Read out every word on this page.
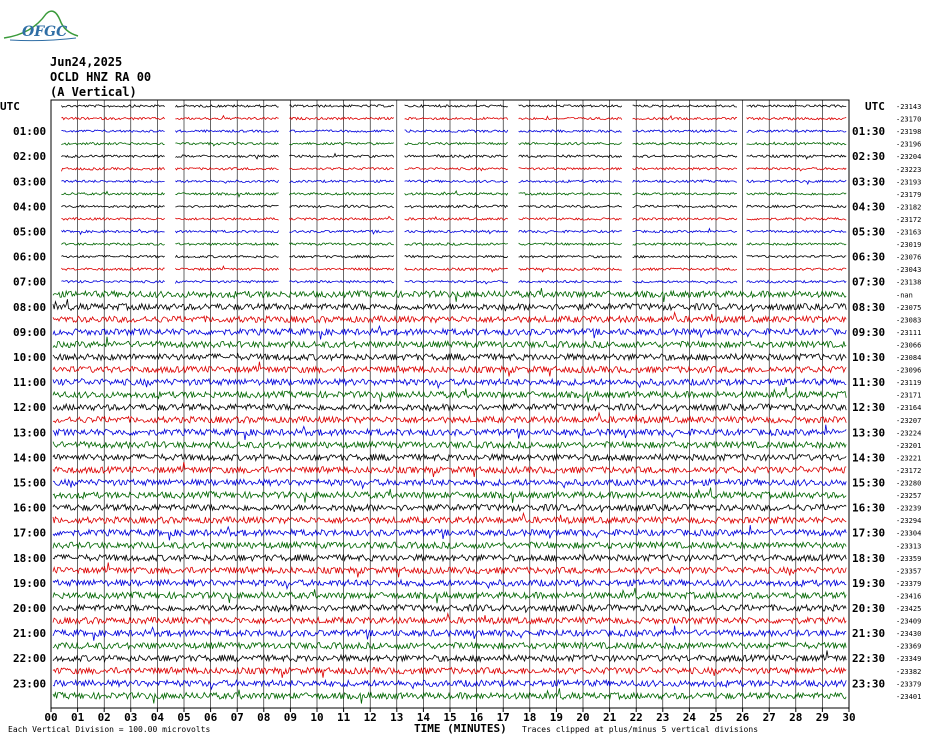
OFGC
Jun24,2025
OCLD HNZ RA 00
(A Vertical)
00 01 02 03 04 05 06 07 08 09 10 11 12 13 14 15 16 17 18 19 20 21 22 23 24 25 26 27 28 29 30
UTC	UTC
01:00
02:00
03:00
04:00
05:00
06:00
07:00
08:00
09:00
10:00
11:00
12:00
13:00
14:00
15:00
16:00
17:00
18:00
19:00
20:00
21:00
22:00
23:00
01:30
02:30
03:30
04:30
05:30
06:30
07:30
08:30
09:30
10:30
11:30
12:30
13:30
14:30
15:30
16:30
17:30
18:30
19:30
20:30
21:30
22:30
23:30
-23143
-23170
-23198
-23196
-23204
-23223
-23193
-23179
-23182
-23172
-23163
-23019
-23076
-23043
-23138
-nan
-23075
-23083
-23111
-23066
-23084
-23096
-23119
-23171
-23164
-23207
-23224
-23201
-23221
-23172
-23280
-23257
-23239
-23294
-23304
-23313
-23359
-23357
-23379
-23416
-23425
-23409
-23430
-23369
-23349
-23382
-23379
-23401
Each Vertical Division = 100.00 microvolts	TIME (MINUTES) Traces clipped at plus/minus 5 vertical divisions
